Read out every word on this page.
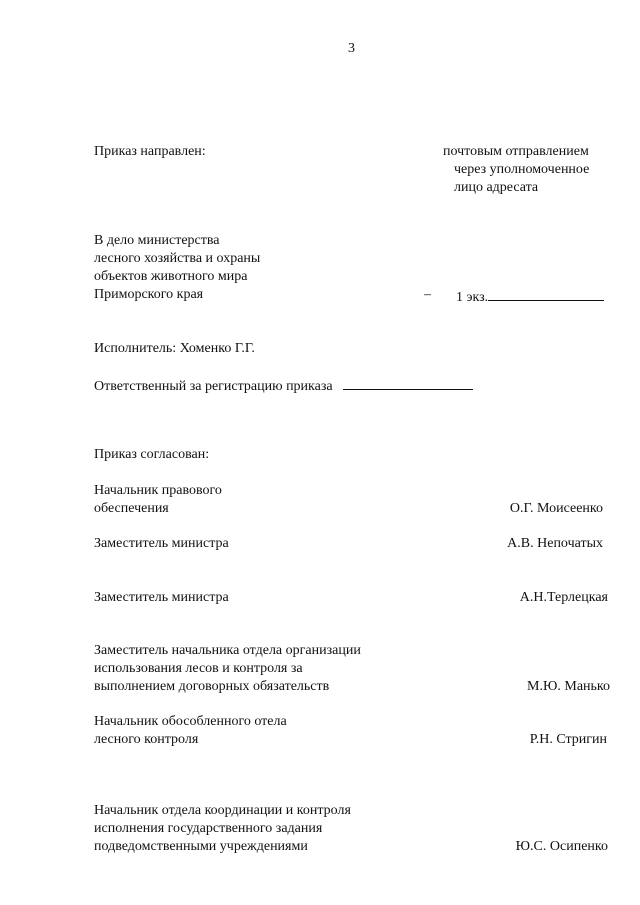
3
Приказ направлен:	почтовым отправлением
через уполномоченное
лицо адресата
В дело министерства
лесного хозяйства и охраны
объектов животного мира
Приморского края	– 1 экз.
Исполнитель: Хоменко Г.Г.
Ответственный за регистрацию приказа
Приказ согласован:
Начальник правового
обеспечения	О.Г. Моисеенко
Заместитель министра	А.В. Непочатых
Заместитель министра	А.Н.Терлецкая
Заместитель начальника отдела организации
использования лесов и контроля за
выполнением договорных обязательств	М.Ю. Манько
Начальник обособленного отела
лесного контроля	Р.Н. Стригин
Начальник отдела координации и контроля
исполнения государственного задания
подведомственными учреждениями	Ю.С. Осипенко
